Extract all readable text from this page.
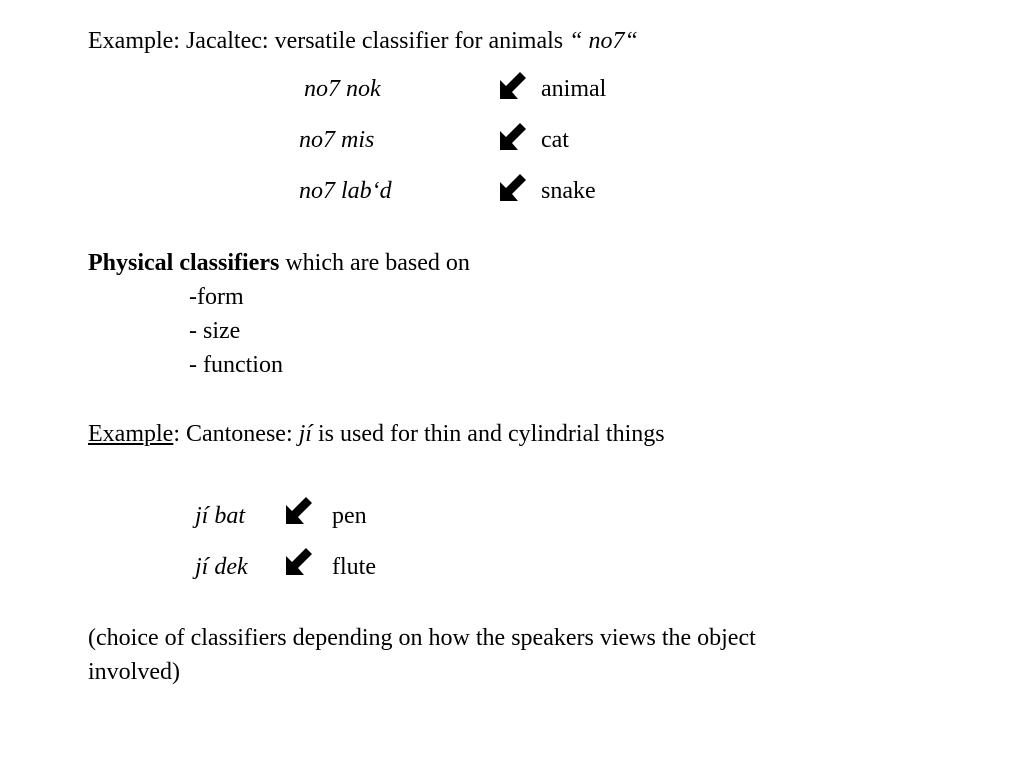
Example: Jacaltec: versatile classifier for animals “ no7“
no7 nok	animal
no7 mis	cat
no7 lab‘d	snake
Physical classifiers which are based on
-form
- size
- function
Example: Cantonese: jí is used for thin and cylindrial things
jí bat	pen
jí dek	flute
(choice of classifiers depending on how the speakers views the object
involved)
